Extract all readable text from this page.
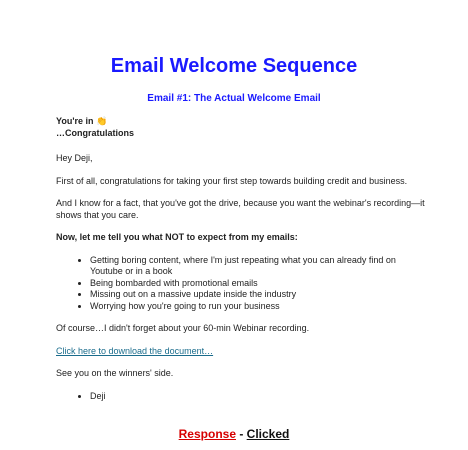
Email Welcome Sequence
Email #1: The Actual Welcome Email

You're in 👏

…Congratulations

Hey Deji,

First of all, congratulations for taking your first step towards building credit and business.

And I know for a fact, that you've got the drive, because you want the webinar's recording—it shows that you care.

Now, let me tell you what NOT to expect from my emails:

• Getting boring content, where I'm just repeating what you can already find on Youtube or in a book
• Being bombarded with promotional emails
• Missing out on a massive update inside the industry
• Worrying how you're going to run your business

Of course…I didn't forget about your 60-min Webinar recording.

Click here to download the document…

See you on the winners' side.

• Deji
Response - Clicked
